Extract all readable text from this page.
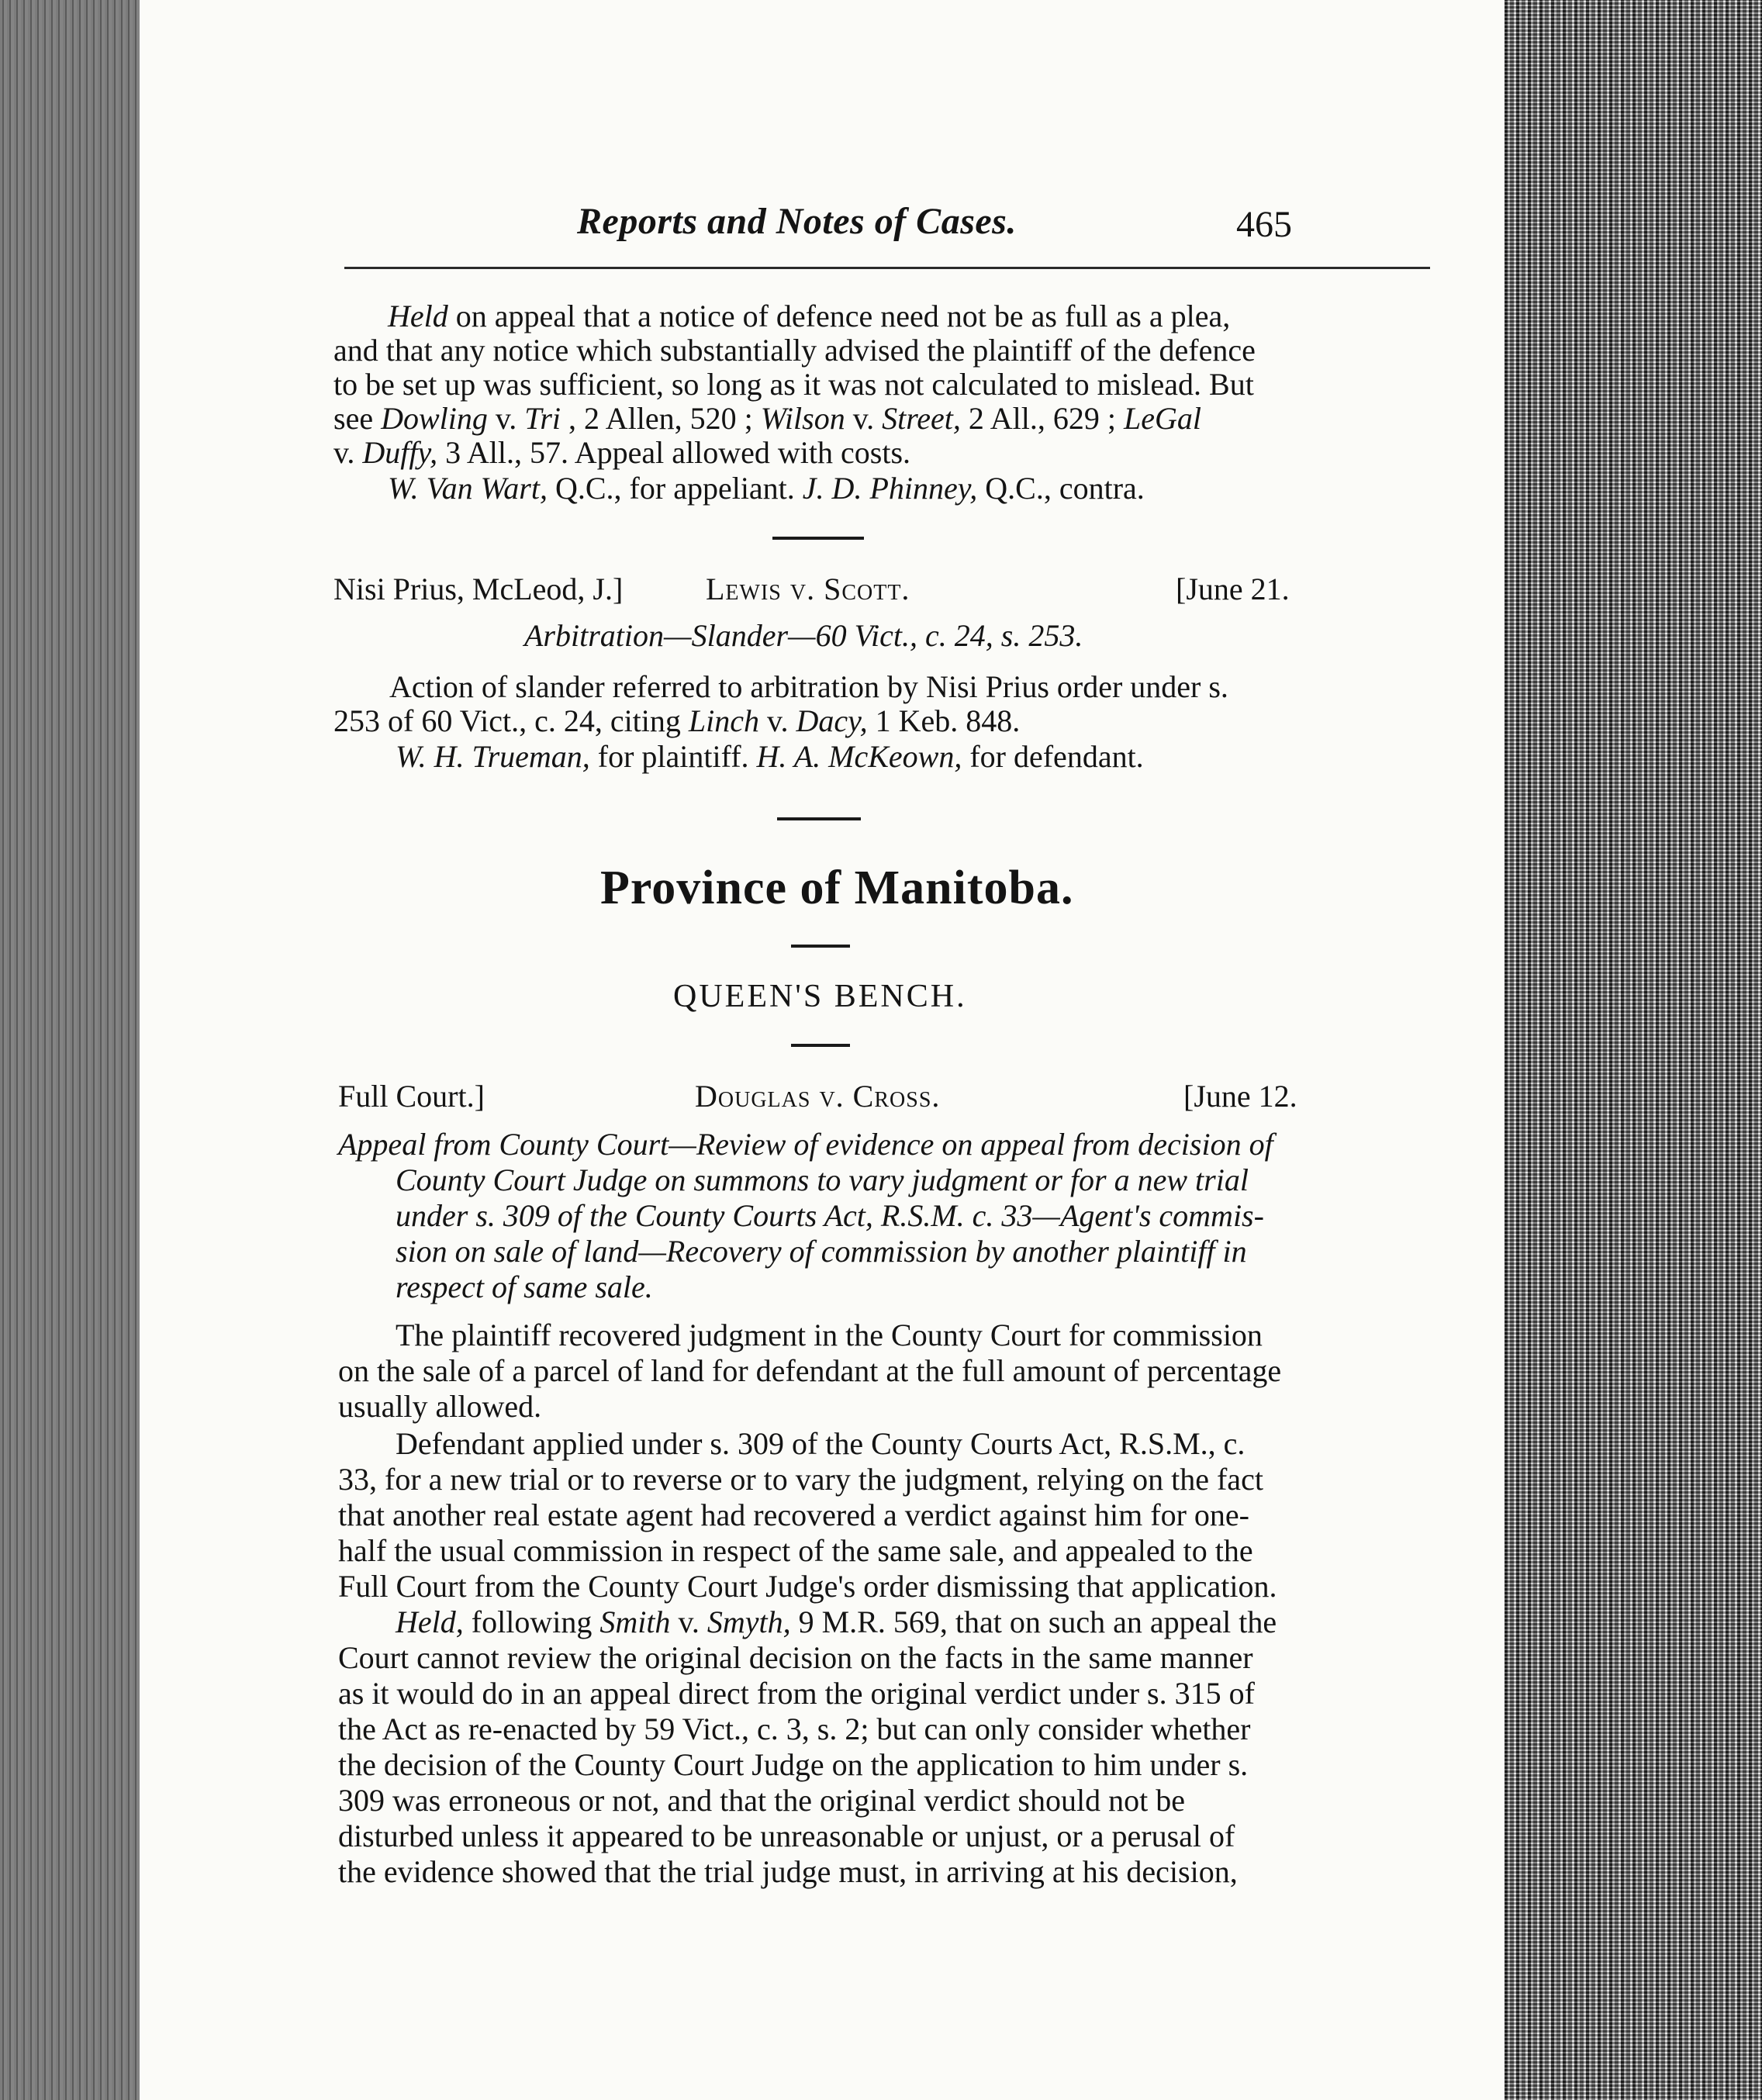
Reports and Notes of Cases.	465
Held on appeal that a notice of defence need not be as full as a plea,
and that any notice which substantially advised the plaintiff of the defence
to be set up was sufficient, so long as it was not calculated to mislead. But
see Dowling v. Tri , 2 Allen, 520 ; Wilson v. Street, 2 All., 629 ; LeGal
v. Duffy, 3 All., 57. Appeal allowed with costs.
W. Van Wart, Q.C., for appeliant. J. D. Phinney, Q.C., contra.
Nisi Prius, McLeod, J.]	Lewis v. Scott.	[June 21.
Arbitration—Slander—60 Vict., c. 24, s. 253.
Action of slander referred to arbitration by Nisi Prius order under s.
253 of 60 Vict., c. 24, citing Linch v. Dacy, 1 Keb. 848.
W. H. Trueman, for plaintiff. H. A. McKeown, for defendant.
Province of Manitoba.
QUEEN'S BENCH.
Full Court.]	Douglas v. Cross.	[June 12.
Appeal from County Court—Review of evidence on appeal from decision of
County Court Judge on summons to vary judgment or for a new trial
under s. 309 of the County Courts Act, R.S.M. c. 33—Agent's commis-
sion on sale of land—Recovery of commission by another plaintiff in
respect of same sale.
The plaintiff recovered judgment in the County Court for commission
on the sale of a parcel of land for defendant at the full amount of percentage
usually allowed.
Defendant applied under s. 309 of the County Courts Act, R.S.M., c.
33, for a new trial or to reverse or to vary the judgment, relying on the fact
that another real estate agent had recovered a verdict against him for one-
half the usual commission in respect of the same sale, and appealed to the
Full Court from the County Court Judge's order dismissing that application.
Held, following Smith v. Smyth, 9 M.R. 569, that on such an appeal the
Court cannot review the original decision on the facts in the same manner
as it would do in an appeal direct from the original verdict under s. 315 of
the Act as re-enacted by 59 Vict., c. 3, s. 2; but can only consider whether
the decision of the County Court Judge on the application to him under s.
309 was erroneous or not, and that the original verdict should not be
disturbed unless it appeared to be unreasonable or unjust, or a perusal of
the evidence showed that the trial judge must, in arriving at his decision,
